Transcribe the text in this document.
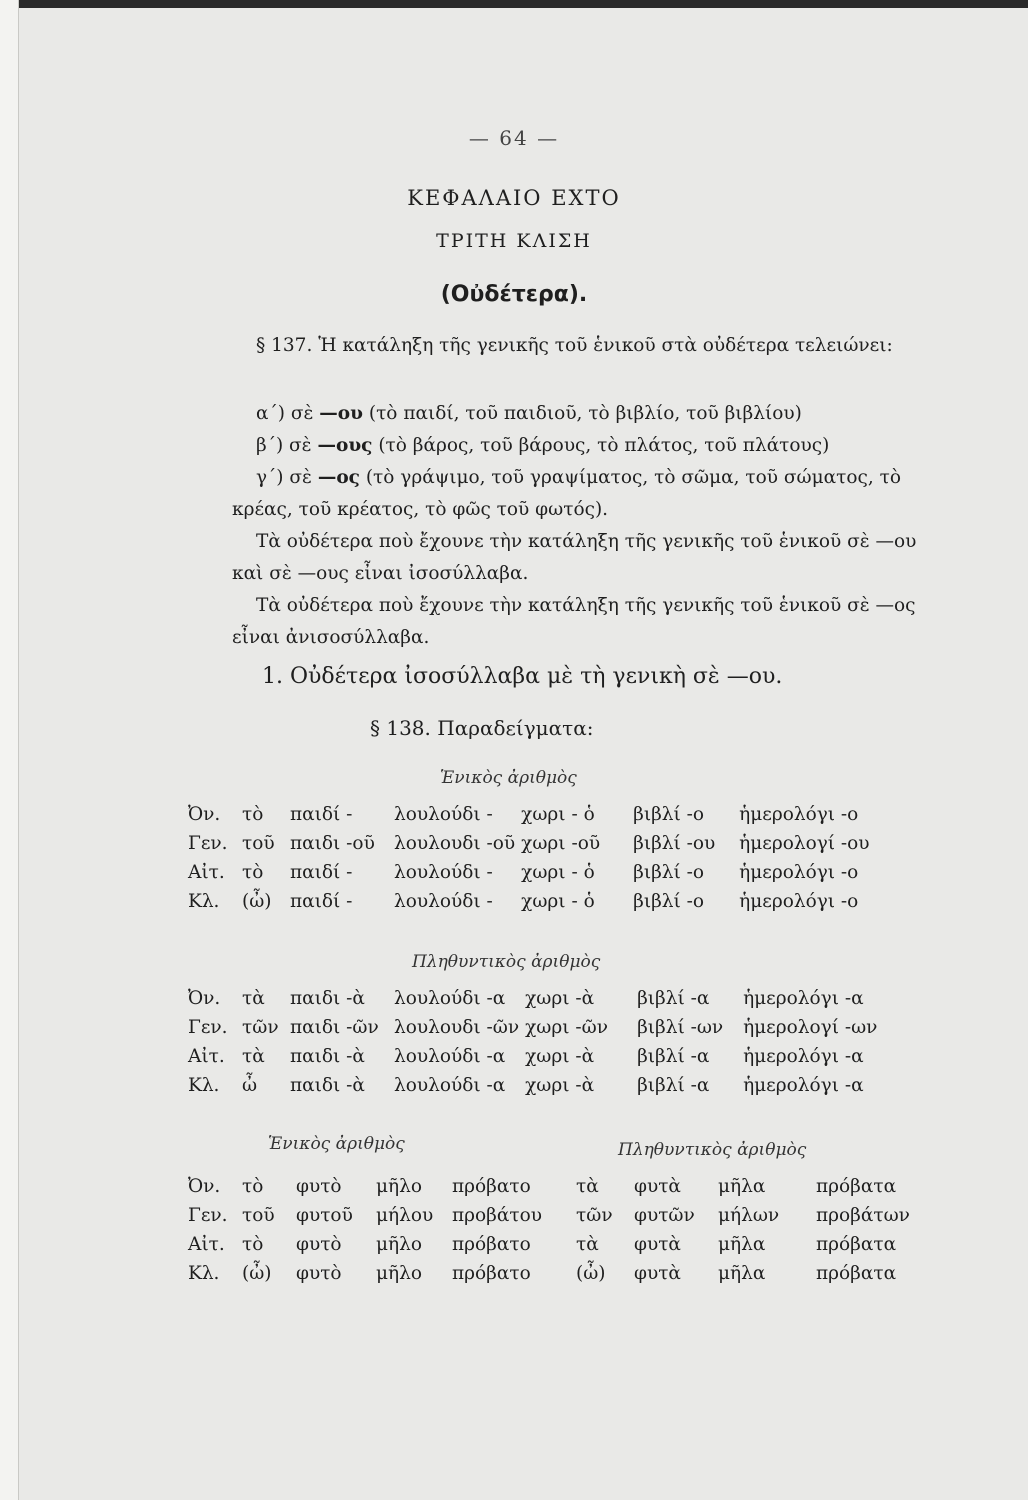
— 64 —
ΚΕΦΑΛΑΙΟ ΕΧΤΟ
ΤΡΙΤΗ ΚΛΙΣΗ
(Οὐδέτερα).
§ 137. Ἡ κατάληξη τῆς γενικῆς τοῦ ἑνικοῦ στὰ οὐδέτερα τελειώνει:
α΄) σὲ —ου (τὸ παιδί, τοῦ παιδιοῦ, τὸ βιβλίο, τοῦ βιβλίου)
β΄) σὲ —ους (τὸ βάρος, τοῦ βάρους, τὸ πλάτος, τοῦ πλάτους)
γ΄) σὲ —ος (τὸ γράψιμο, τοῦ γραψίματος, τὸ σῶμα, τοῦ σώματος, τὸ κρέας, τοῦ κρέατος, τὸ φῶς τοῦ φωτός).
Τὰ οὐδέτερα ποὺ ἔχουνε τὴν κατάληξη τῆς γενικῆς τοῦ ἑνικοῦ σὲ —ου καὶ σὲ —ους εἶναι ἰσοσύλλαβα.
Τὰ οὐδέτερα ποὺ ἔχουνε τὴν κατάληξη τῆς γενικῆς τοῦ ἑνικοῦ σὲ —ος εἶναι ἀνισοσύλλαβα.
1. Οὐδέτερα ἰσοσύλλαβα μὲ τὴ γενικὴ σὲ —ου.
§ 138. Παραδείγματα:
Ἑνικὸς ἀριθμὸς
Ὀν.	τὸ	παιδί -	λουλούδι -	χωρι - ὁ	βιβλί -ο	ἡμερολόγι -ο
Γεν.	τοῦ	παιδι -οῦ	λουλουδι -οῦ	χωρι -οῦ	βιβλί -ου	ἡμερολογί -ου
Αἰτ.	τὸ	παιδί -	λουλούδι -	χωρι - ὁ	βιβλί -ο	ἡμερολόγι -ο
Κλ.	(ὦ)	παιδί -	λουλούδι -	χωρι - ὁ	βιβλί -ο	ἡμερολόγι -ο
Πληθυντικὸς ἀριθμὸς
Ὀν.	τὰ	παιδι -ὰ	λουλούδι -α	χωρι -ὰ	βιβλί -α	ἡμερολόγι -α
Γεν.	τῶν	παιδι -ῶν	λουλουδι -ῶν	χωρι -ῶν	βιβλί -ων	ἡμερολογί -ων
Αἰτ.	τὰ	παιδι -ὰ	λουλούδι -α	χωρι -ὰ	βιβλί -α	ἡμερολόγι -α
Κλ.	ὦ	παιδι -ὰ	λουλούδι -α	χωρι -ὰ	βιβλί -α	ἡμερολόγι -α
Ἑνικὸς ἀριθμὸς	Πληθυντικὸς ἀριθμὸς
Ὀν.	τὸ	φυτὸ	μῆλο	πρόβατο	τὰ	φυτὰ	μῆλα	πρόβατα
Γεν.	τοῦ	φυτοῦ	μήλου	προβάτου	τῶν	φυτῶν	μήλων	προβάτων
Αἰτ.	τὸ	φυτὸ	μῆλο	πρόβατο	τὰ	φυτὰ	μῆλα	πρόβατα
Κλ.	(ὦ)	φυτὸ	μῆλο	πρόβατο	(ὦ)	φυτὰ	μῆλα	πρόβατα
